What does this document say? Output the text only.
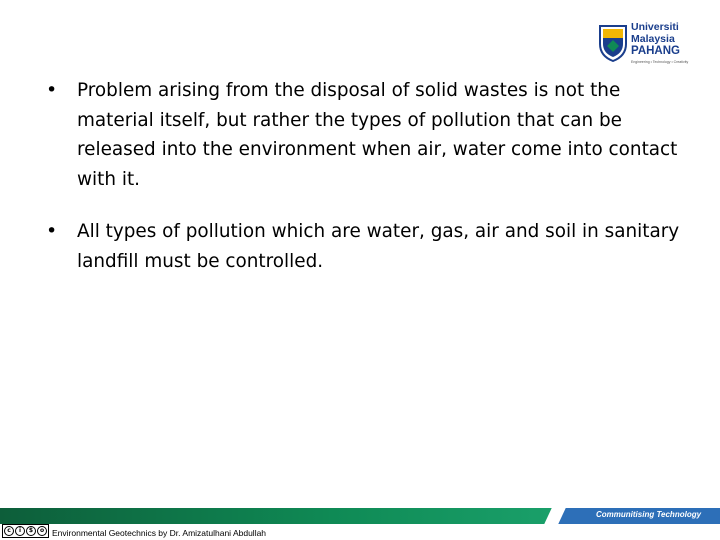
Universiti
Malaysia
PAHANG
Engineering • Technology • Creativity
• Problem arising from the disposal of solid wastes is not the material itself, but rather the types of pollution that can be released into the environment when air, water come into contact with it.
• All types of pollution which are water, gas, air and soil in sanitary landfill must be controlled.
Communitising Technology
c	i	$	o Environmental Geotechnics by Dr. Amizatulhani Abdullah
